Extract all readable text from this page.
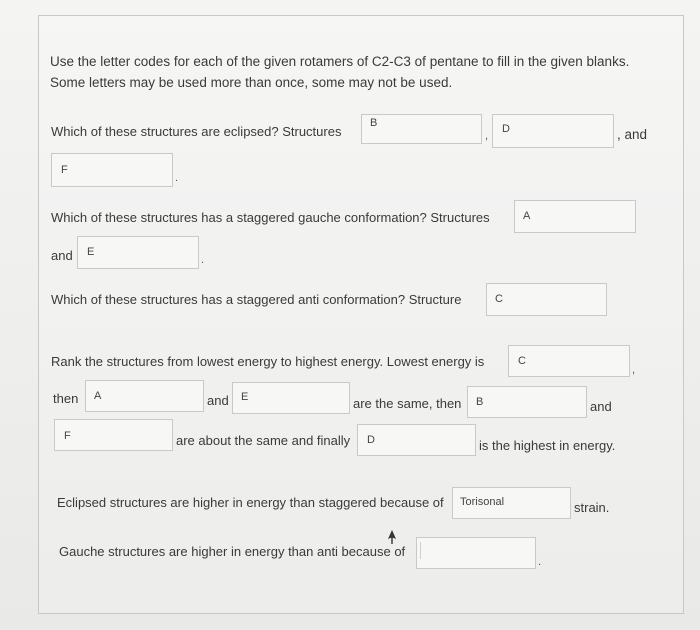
Use the letter codes for each of the given rotamers of C2-C3 of pentane to fill in the given blanks.
Some letters may be used more than once, some may not be used.
Which of these structures are eclipsed? Structures
B
,
D	, and
F
.
Which of these structures has a staggered gauche conformation? Structures	A
and E
.
Which of these structures has a staggered anti conformation? Structure	C
Rank the structures from lowest energy to highest energy. Lowest energy is	C
,
then A	and E	are the same, then B	and
F	are about the same and finally D	is the highest in energy.
Eclipsed structures are higher in energy than staggered because of Torisonal	strain.
Gauche structures are higher in energy than anti because of
.
